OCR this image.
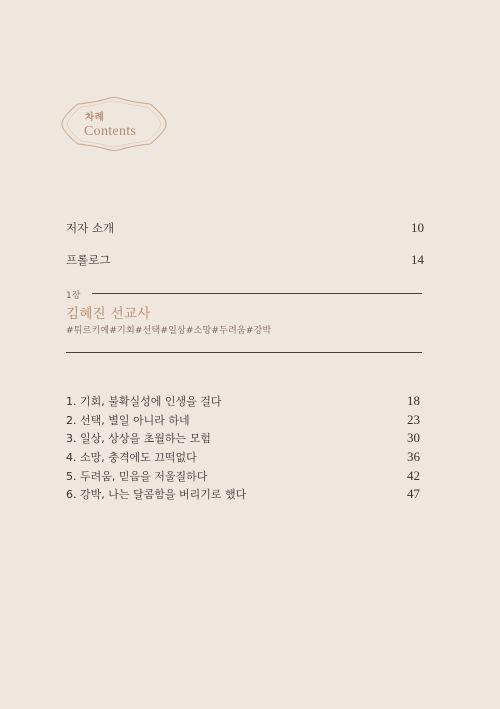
차례
Contents
저자 소개	10
프롤로그	14
1장
김혜진 선교사
#튀르키예#기회#선택#일상#소망#두려움#강박
1. 기회, 불확실성에 인생을 걸다	18
2. 선택, 별일 아니라 하네	23
3. 일상, 상상을 초월하는 모험	30
4. 소망, 충격에도 끄떡없다	36
5. 두려움, 믿음을 저울질하다	42
6. 강박, 나는 달콤함을 버리기로 했다	47
